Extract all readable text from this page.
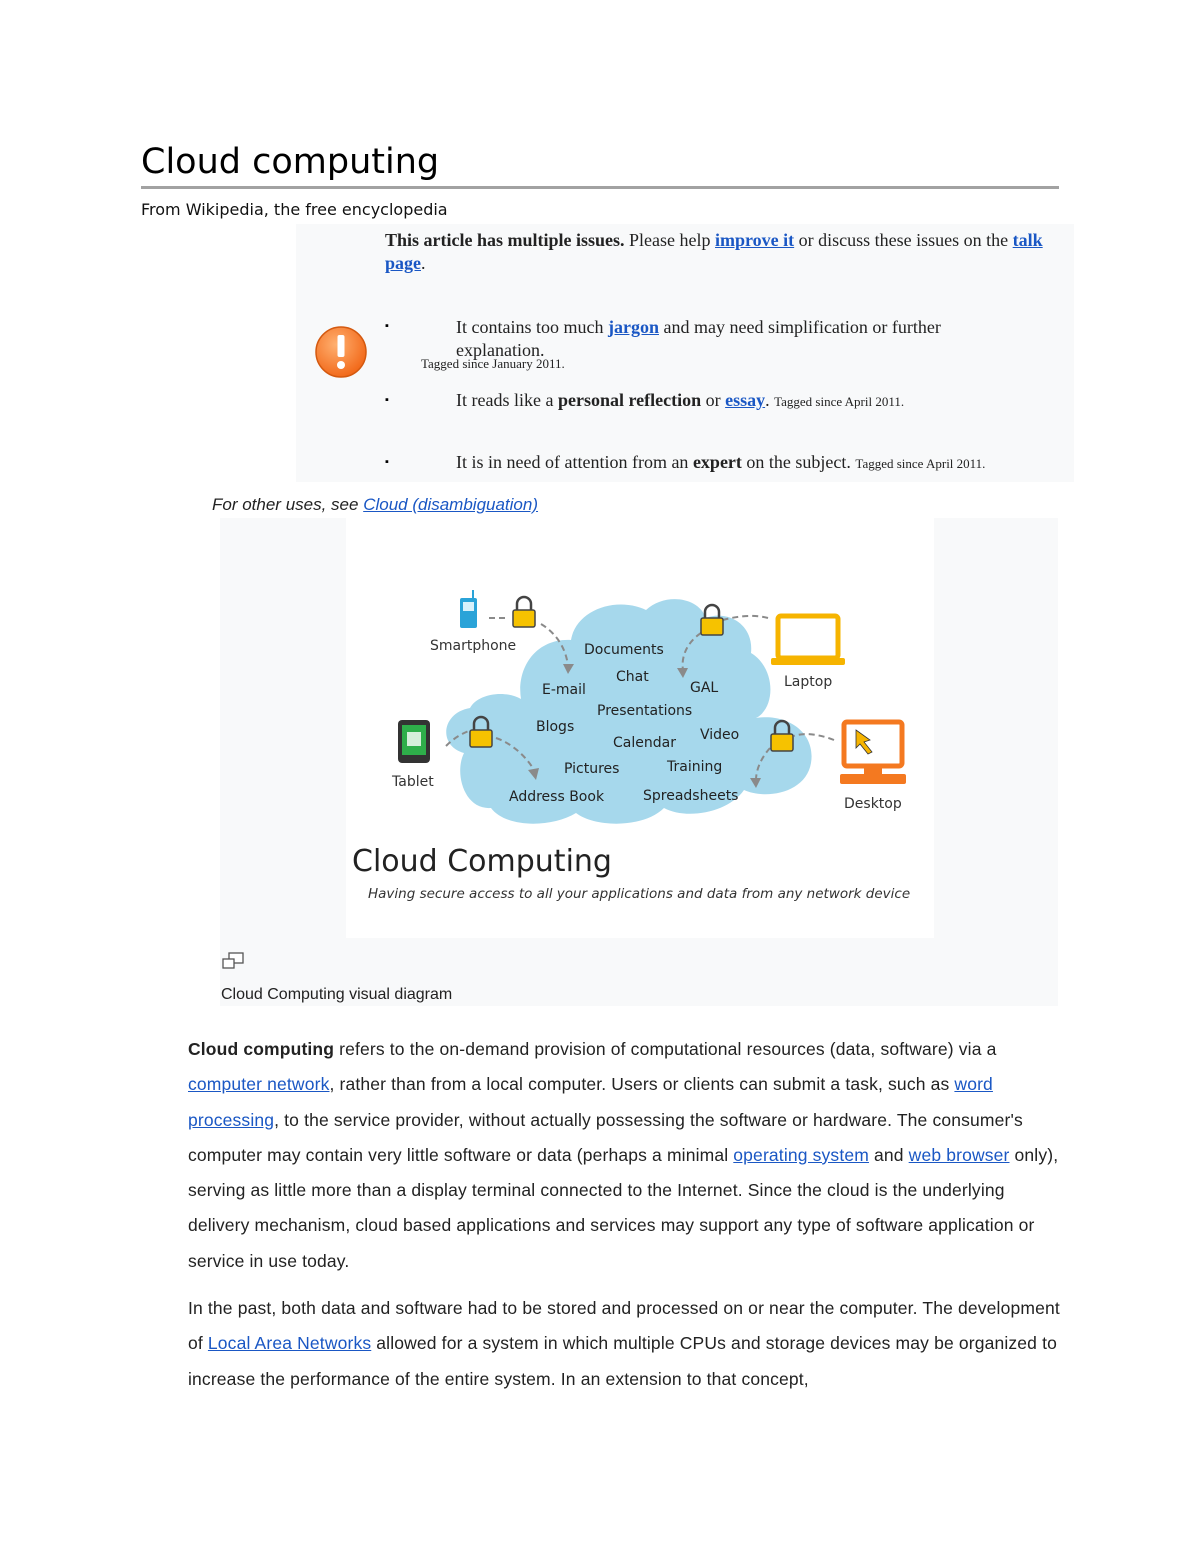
Cloud computing
From Wikipedia, the free encyclopedia
This article has multiple issues. Please help improve it or discuss these issues on the talk page.
▪	It contains too much jargon and may need simplification or further explanation.
Tagged since January 2011.
▪	It reads like a personal reflection or essay. Tagged since April 2011.
▪	It is in need of attention from an expert on the subject. Tagged since April 2011.
For other uses, see Cloud (disambiguation)
Smartphone
Laptop
Tablet
Desktop
Documents
Chat
E-mail	GAL
Presentations
Blogs	Video
Calendar
Pictures	Training
Address Book	Spreadsheets
Cloud Computing
Having secure access to all your applications and data from any network device
Cloud Computing visual diagram

Cloud computing refers to the on-demand provision of computational resources (data, software) via a computer network, rather than from a local computer. Users or clients can submit a task, such as word processing, to the service provider, without actually possessing the software or hardware. The consumer's computer may contain very little software or data (perhaps a minimal operating system and web browser only), serving as little more than a display terminal connected to the Internet. Since the cloud is the underlying delivery mechanism, cloud based applications and services may support any type of software application or service in use today.

In the past, both data and software had to be stored and processed on or near the computer. The development of Local Area Networks allowed for a system in which multiple CPUs and storage devices may be organized to increase the performance of the entire system. In an extension to that concept,
